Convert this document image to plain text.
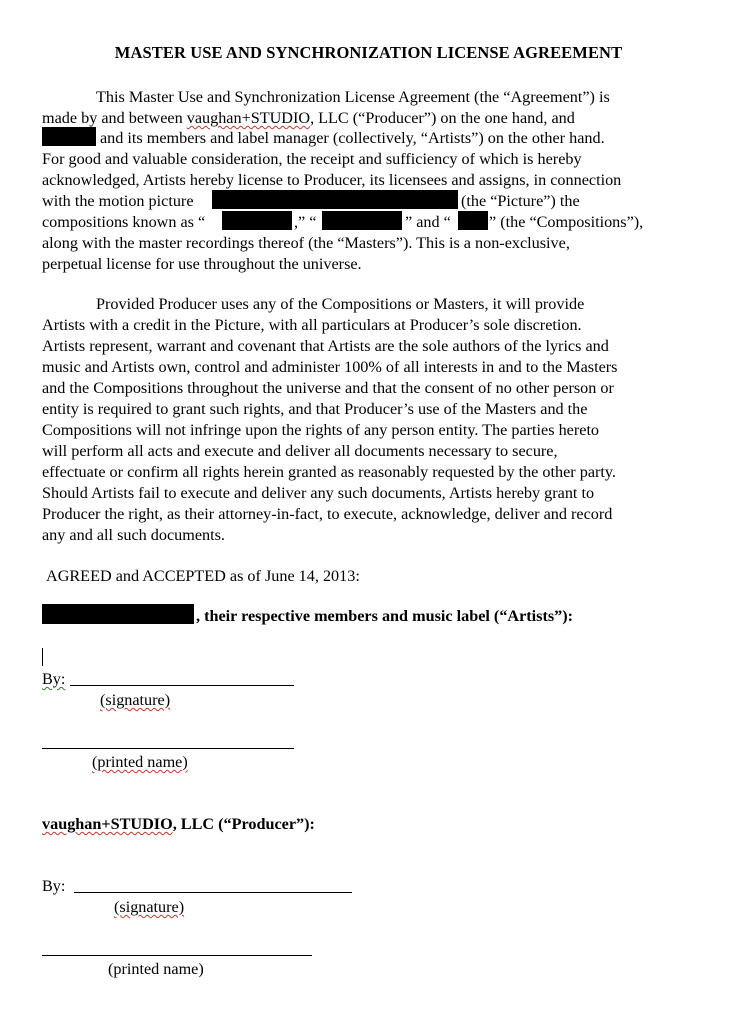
MASTER USE AND SYNCHRONIZATION LICENSE AGREEMENT
This Master Use and Synchronization License Agreement (the “Agreement”) is
made by and between vaughan+STUDIO, LLC (“Producer”) on the one hand, and
and its members and label manager (collectively, “Artists”) on the other hand.
For good and valuable consideration, the receipt and sufficiency of which is hereby
acknowledged, Artists hereby license to Producer, its licensees and assigns, in connection
with the motion picture	(the “Picture”) the
compositions known as “	,” “	” and “ ” (the “Compositions”),
along with the master recordings thereof (the “Masters”). This is a non-exclusive,
perpetual license for use throughout the universe.
Provided Producer uses any of the Compositions or Masters, it will provide
Artists with a credit in the Picture, with all particulars at Producer’s sole discretion.
Artists represent, warrant and covenant that Artists are the sole authors of the lyrics and
music and Artists own, control and administer 100% of all interests in and to the Masters
and the Compositions throughout the universe and that the consent of no other person or
entity is required to grant such rights, and that Producer’s use of the Masters and the
Compositions will not infringe upon the rights of any person entity. The parties hereto
will perform all acts and execute and deliver all documents necessary to secure,
effectuate or confirm all rights herein granted as reasonably requested by the other party.
Should Artists fail to execute and deliver any such documents, Artists hereby grant to
Producer the right, as their attorney-in-fact, to execute, acknowledge, deliver and record
any and all such documents.
AGREED and ACCEPTED as of June 14, 2013:
, their respective members and music label (“Artists”):
By:
(signature)
(printed name)
vaughan+STUDIO, LLC (“Producer”):
By:
(signature)
(printed name)
